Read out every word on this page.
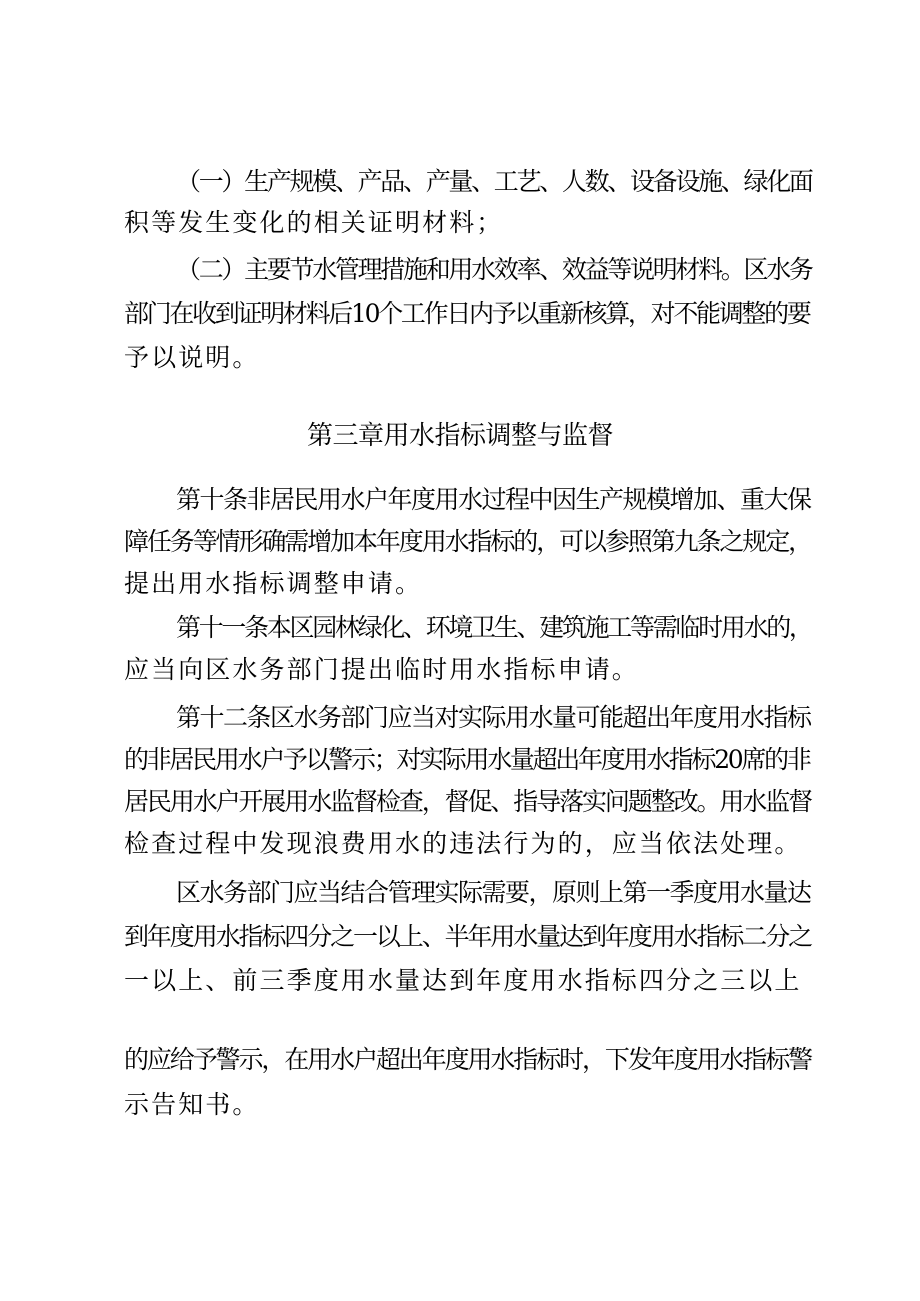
（一）生产规模、产品、产量、工艺、人数、设备设施、绿化面
积等发生变化的相关证明材料；
（二）主要节水管理措施和用水效率、效益等说明材料。区水务
部门在收到证明材料后10个工作日内予以重新核算，对不能调整的要
予以说明。
第三章用水指标调整与监督
第十条非居民用水户年度用水过程中因生产规模增加、重大保
障任务等情形确需增加本年度用水指标的，可以参照第九条之规定，
提出用水指标调整申请。
第十一条本区园林绿化、环境卫生、建筑施工等需临时用水的，
应当向区水务部门提出临时用水指标申请。
第十二条区水务部门应当对实际用水量可能超出年度用水指标
的非居民用水户予以警示；对实际用水量超出年度用水指标20席的非
居民用水户开展用水监督检查，督促、指导落实问题整改。用水监督
检查过程中发现浪费用水的违法行为的，应当依法处理。
区水务部门应当结合管理实际需要，原则上第一季度用水量达
到年度用水指标四分之一以上、半年用水量达到年度用水指标二分之
一以上、前三季度用水量达到年度用水指标四分之三以上
的应给予警示，在用水户超出年度用水指标时，下发年度用水指标警
示告知书。
